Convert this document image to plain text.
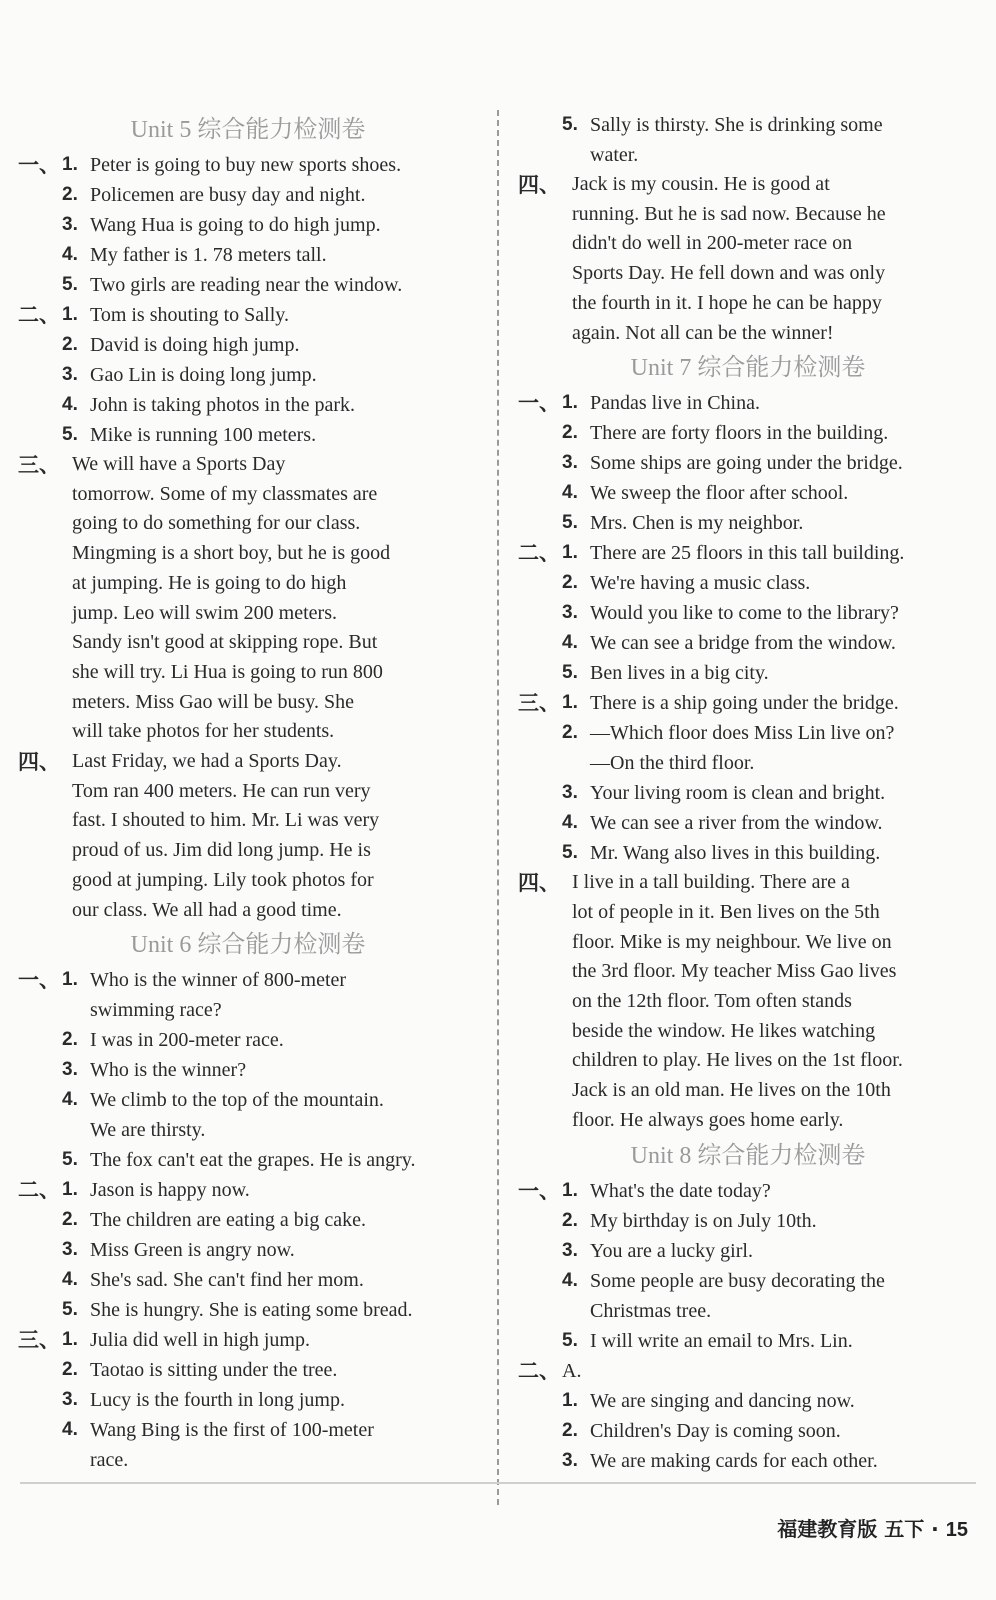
Unit 5 综合能力检测卷
一、 1. Peter is going to buy new sports shoes.
2. Policemen are busy day and night.
3. Wang Hua is going to do high jump.
4. My father is 1. 78 meters tall.
5. Two girls are reading near the window.
二、 1. Tom is shouting to Sally.
2. David is doing high jump.
3. Gao Lin is doing long jump.
4. John is taking photos in the park.
5. Mike is running 100 meters.
三、 We will have a Sports Day
tomorrow. Some of my classmates are
going to do something for our class.
Mingming is a short boy, but he is good
at jumping. He is going to do high
jump. Leo will swim 200 meters.
Sandy isn't good at skipping rope. But
she will try. Li Hua is going to run 800
meters. Miss Gao will be busy. She
will take photos for her students.
四、 Last Friday, we had a Sports Day.
Tom ran 400 meters. He can run very
fast. I shouted to him. Mr. Li was very
proud of us. Jim did long jump. He is
good at jumping. Lily took photos for
our class. We all had a good time.
Unit 6 综合能力检测卷
一、 1. Who is the winner of 800-meter
swimming race?
2. I was in 200-meter race.
3. Who is the winner?
4. We climb to the top of the mountain.
We are thirsty.
5. The fox can't eat the grapes. He is angry.
二、 1. Jason is happy now.
2. The children are eating a big cake.
3. Miss Green is angry now.
4. She's sad. She can't find her mom.
5. She is hungry. She is eating some bread.
三、 1. Julia did well in high jump.
2. Taotao is sitting under the tree.
3. Lucy is the fourth in long jump.
4. Wang Bing is the first of 100-meter
race.
5. Sally is thirsty. She is drinking some
water.
四、 Jack is my cousin. He is good at
running. But he is sad now. Because he
didn't do well in 200-meter race on
Sports Day. He fell down and was only
the fourth in it. I hope he can be happy
again. Not all can be the winner!
Unit 7 综合能力检测卷
一、 1. Pandas live in China.
2. There are forty floors in the building.
3. Some ships are going under the bridge.
4. We sweep the floor after school.
5. Mrs. Chen is my neighbor.
二、 1. There are 25 floors in this tall building.
2. We're having a music class.
3. Would you like to come to the library?
4. We can see a bridge from the window.
5. Ben lives in a big city.
三、 1. There is a ship going under the bridge.
2. —Which floor does Miss Lin live on?
—On the third floor.
3. Your living room is clean and bright.
4. We can see a river from the window.
5. Mr. Wang also lives in this building.
四、 I live in a tall building. There are a
lot of people in it. Ben lives on the 5th
floor. Mike is my neighbour. We live on
the 3rd floor. My teacher Miss Gao lives
on the 12th floor. Tom often stands
beside the window. He likes watching
children to play. He lives on the 1st floor.
Jack is an old man. He lives on the 10th
floor. He always goes home early.
Unit 8 综合能力检测卷
一、 1. What's the date today?
2. My birthday is on July 10th.
3. You are a lucky girl.
4. Some people are busy decorating the
Christmas tree.
5. I will write an email to Mrs. Lin.
二、 A.
1. We are singing and dancing now.
2. Children's Day is coming soon.
3. We are making cards for each other.
福建教育版 五下 · 15
